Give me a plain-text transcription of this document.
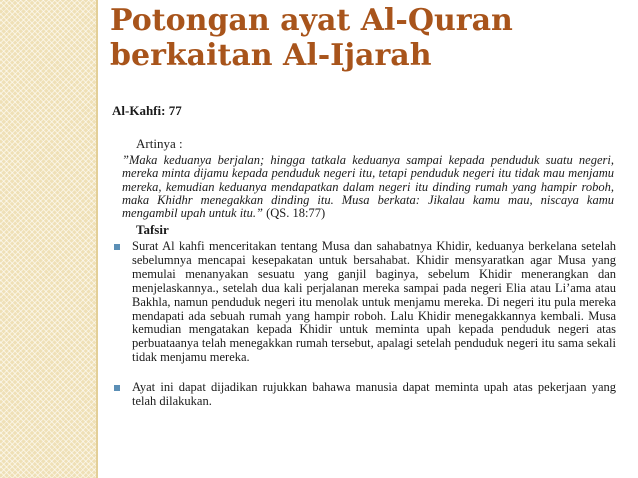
Potongan ayat Al-Quran
berkaitan Al-Ijarah
Al-Kahfi: 77
Artinya :

”Maka keduanya berjalan; hingga tatkala keduanya sampai kepada penduduk suatu negeri, mereka minta dijamu kepada penduduk negeri itu, tetapi penduduk negeri itu tidak mau menjamu mereka, kemudian keduanya mendapatkan dalam negeri itu dinding rumah yang hampir roboh, maka Khidhr menegakkan dinding itu. Musa berkata: Jikalau kamu mau, niscaya kamu mengambil upah untuk itu.” (QS. 18:77)

Tafsir
Surat Al kahfi menceritakan tentang Musa dan sahabatnya Khidir, keduanya berkelana setelah sebelumnya mencapai kesepakatan untuk bersahabat. Khidir mensyaratkan agar Musa yang memulai menanyakan sesuatu yang ganjil baginya, sebelum Khidir menerangkan dan menjelaskannya., setelah dua kali perjalanan mereka sampai pada negeri Elia atau Li’ama atau Bakhla, namun penduduk negeri itu menolak untuk menjamu mereka. Di negeri itu pula mereka mendapati ada sebuah rumah yang hampir roboh. Lalu Khidir menegakkannya kembali. Musa kemudian mengatakan kepada Khidir untuk meminta upah kepada penduduk negeri atas perbuataanya telah menegakkan rumah tersebut, apalagi setelah penduduk negeri itu sama sekali tidak menjamu mereka.
Ayat ini dapat dijadikan rujukkan bahawa manusia dapat meminta upah atas pekerjaan yang telah dilakukan.
